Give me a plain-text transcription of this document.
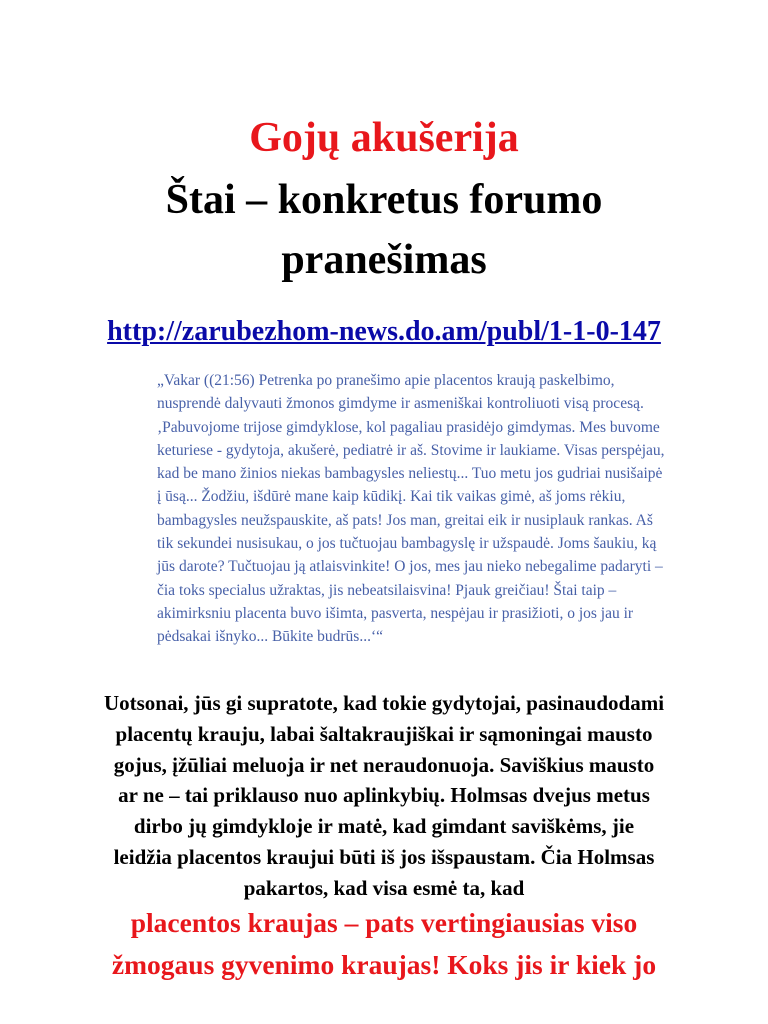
Gojų akušerija
Štai – konkretus forumo
pranešimas
http://zarubezhom-news.do.am/publ/1-1-0-147
„Vakar ((21:56) Petrenka po pranešimo apie placentos kraują paskelbimo,
nusprendė dalyvauti žmonos gimdyme ir asmeniškai kontroliuoti visą procesą.
‚Pabuvojome trijose gimdyklose, kol pagaliau prasidėjo gimdymas. Mes buvome
keturiese - gydytoja, akušerė, pediatrė ir aš. Stovime ir laukiame. Visas perspėjau,
kad be mano žinios niekas bambagysles neliestų... Tuo metu jos gudriai nusišaipė
į ūsą... Žodžiu, išdūrė mane kaip kūdikį. Kai tik vaikas gimė, aš joms rėkiu,
bambagysles neužspauskite, aš pats! Jos man, greitai eik ir nusiplauk rankas. Aš
tik sekundei nusisukau, o jos tučtuojau bambagyslę ir užspaudė. Joms šaukiu, ką
jūs darote? Tučtuojau ją atlaisvinkite! O jos, mes jau nieko nebegalime padaryti –
čia toks specialus užraktas, jis nebeatsilaisvina! Pjauk greičiau! Štai taip –
akimirksniu placenta buvo išimta, pasverta, nespėjau ir prasižioti, o jos jau ir
pėdsakai išnyko... Būkite budrūs...‘“
Uotsonai, jūs gi supratote, kad tokie gydytojai, pasinaudodami
placentų krauju, labai šaltakraujiškai ir sąmoningai mausto
gojus, įžūliai meluoja ir net neraudonuoja. Saviškius mausto
ar ne – tai priklauso nuo aplinkybių. Holmsas dvejus metus
dirbo jų gimdykloje ir matė, kad gimdant saviškėms, jie
leidžia placentos kraujui būti iš jos išspaustam. Čia Holmsas
pakartos, kad visa esmė ta, kad
placentos kraujas – pats vertingiausias viso
žmogaus gyvenimo kraujas! Koks jis ir kiek jo
